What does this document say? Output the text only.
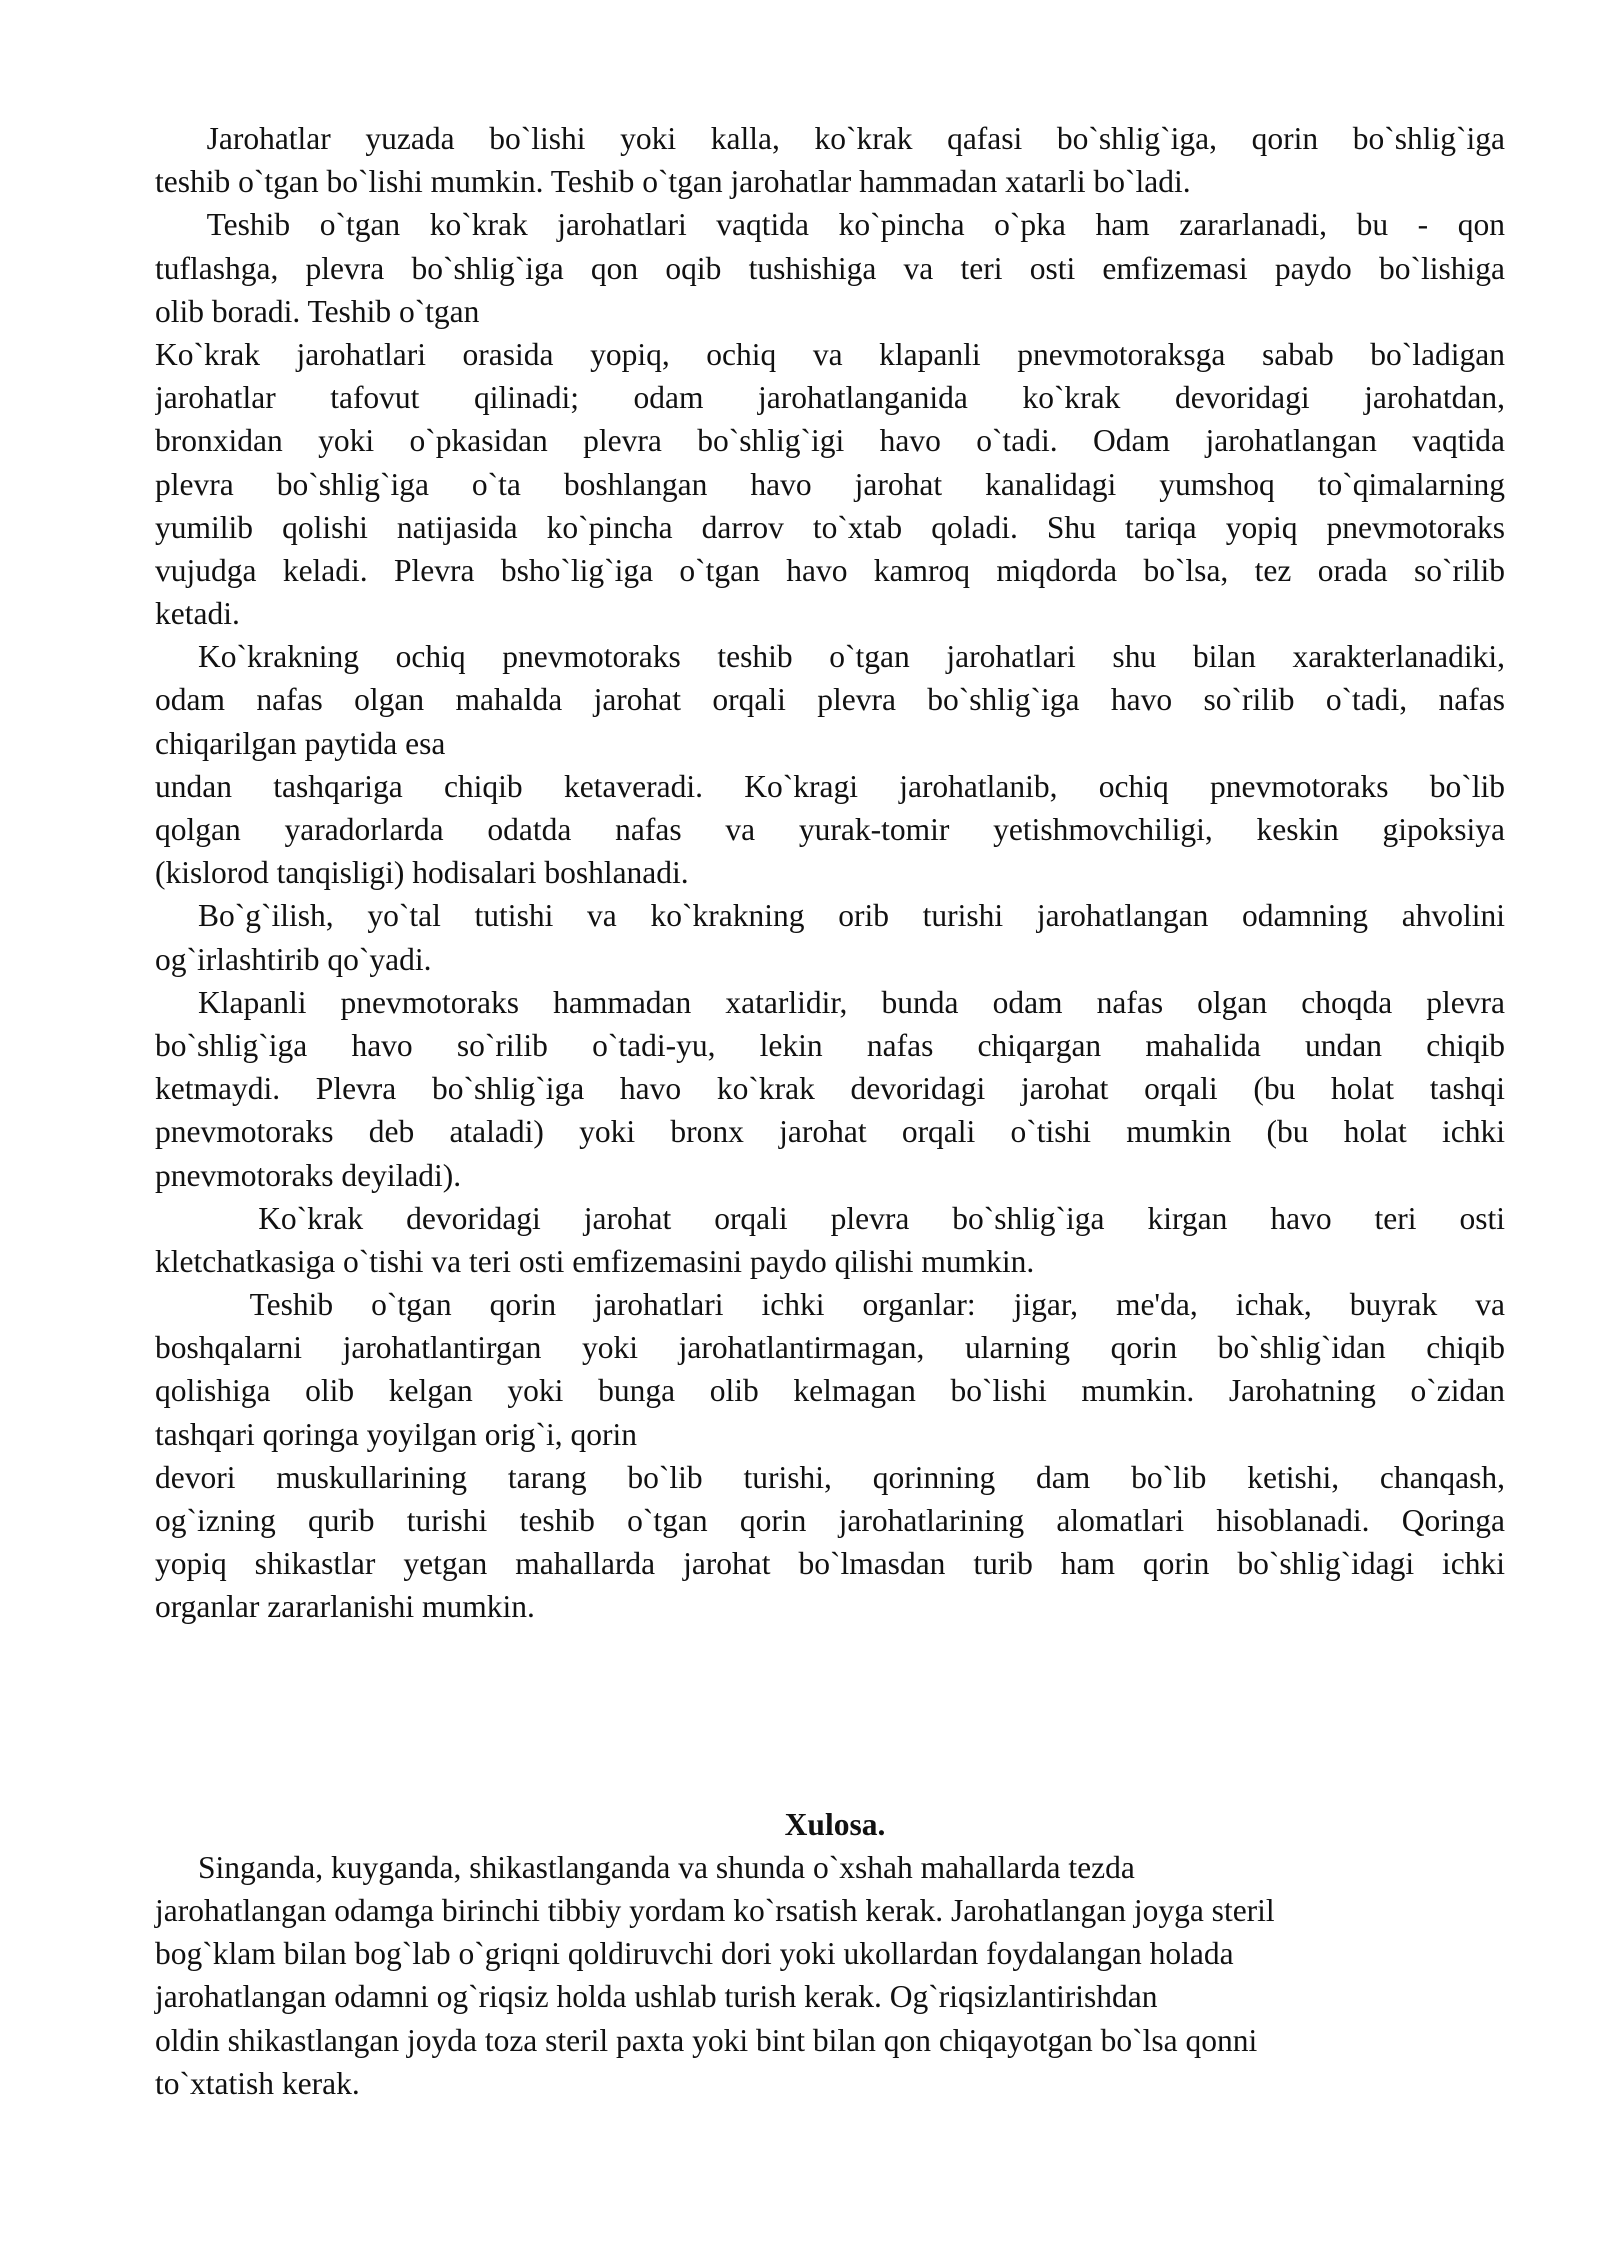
Jarohatlar yuzada bo`lishi yoki kalla, ko`krak qafasi bo`shlig`iga, qorin bo`shlig`iga
teshib o`tgan bo`lishi mumkin. Teshib o`tgan jarohatlar hammadan xatarli bo`ladi.
Teshib o`tgan ko`krak jarohatlari vaqtida ko`pincha o`pka ham zararlanadi, bu - qon
tuflashga, plevra bo`shlig`iga qon oqib tushishiga va teri osti emfizemasi paydo bo`lishiga
olib boradi. Teshib o`tgan
Ko`krak jarohatlari orasida yopiq, ochiq va klapanli pnevmotoraksga sabab bo`ladigan
jarohatlar tafovut qilinadi; odam jarohatlanganida ko`krak devoridagi jarohatdan,
bronxidan yoki o`pkasidan plevra bo`shlig`igi havo o`tadi. Odam jarohatlangan vaqtida
plevra bo`shlig`iga o`ta boshlangan havo jarohat kanalidagi yumshoq to`qimalarning
yumilib qolishi natijasida ko`pincha darrov to`xtab qoladi. Shu tariqa yopiq pnevmotoraks
vujudga keladi. Plevra bsho`lig`iga o`tgan havo kamroq miqdorda bo`lsa, tez orada so`rilib
ketadi.
Ko`krakning ochiq pnevmotoraks teshib o`tgan jarohatlari shu bilan xarakterlanadiki,
odam nafas olgan mahalda jarohat orqali plevra bo`shlig`iga havo so`rilib o`tadi, nafas
chiqarilgan paytida esa
undan tashqariga chiqib ketaveradi. Ko`kragi jarohatlanib, ochiq pnevmotoraks bo`lib
qolgan yaradorlarda odatda nafas va yurak-tomir yetishmovchiligi, keskin gipoksiya
(kislorod tanqisligi) hodisalari boshlanadi.
Bo`g`ilish, yo`tal tutishi va ko`krakning orib turishi jarohatlangan odamning ahvolini
og`irlashtirib qo`yadi.
Klapanli pnevmotoraks hammadan xatarlidir, bunda odam nafas olgan choqda plevra
bo`shlig`iga havo so`rilib o`tadi-yu, lekin nafas chiqargan mahalida undan chiqib
ketmaydi. Plevra bo`shlig`iga havo ko`krak devoridagi jarohat orqali (bu holat tashqi
pnevmotoraks deb ataladi) yoki bronx jarohat orqali o`tishi mumkin (bu holat ichki
pnevmotoraks deyiladi).
Ko`krak devoridagi jarohat orqali plevra bo`shlig`iga kirgan havo teri osti
kletchatkasiga o`tishi va teri osti emfizemasini paydo qilishi mumkin.
Teshib o`tgan qorin jarohatlari ichki organlar: jigar, me'da, ichak, buyrak va
boshqalarni jarohatlantirgan yoki jarohatlantirmagan, ularning qorin bo`shlig`idan chiqib
qolishiga olib kelgan yoki bunga olib kelmagan bo`lishi mumkin. Jarohatning o`zidan
tashqari qoringa yoyilgan orig`i, qorin
devori muskullarining tarang bo`lib turishi, qorinning dam bo`lib ketishi, chanqash,
og`izning qurib turishi teshib o`tgan qorin jarohatlarining alomatlari hisoblanadi. Qoringa
yopiq shikastlar yetgan mahallarda jarohat bo`lmasdan turib ham qorin bo`shlig`idagi ichki
organlar zararlanishi mumkin.
Xulosa.
Singanda, kuyganda, shikastlanganda va shunda o`xshah mahallarda tezda
jarohatlangan odamga birinchi tibbiy yordam ko`rsatish kerak. Jarohatlangan joyga steril
bog`klam bilan bog`lab o`griqni qoldiruvchi dori yoki ukollardan foydalangan holada
jarohatlangan odamni og`riqsiz holda ushlab turish kerak. Og`riqsizlantirishdan
oldin shikastlangan joyda toza steril paxta yoki bint bilan qon chiqayotgan bo`lsa qonni
to`xtatish kerak.
